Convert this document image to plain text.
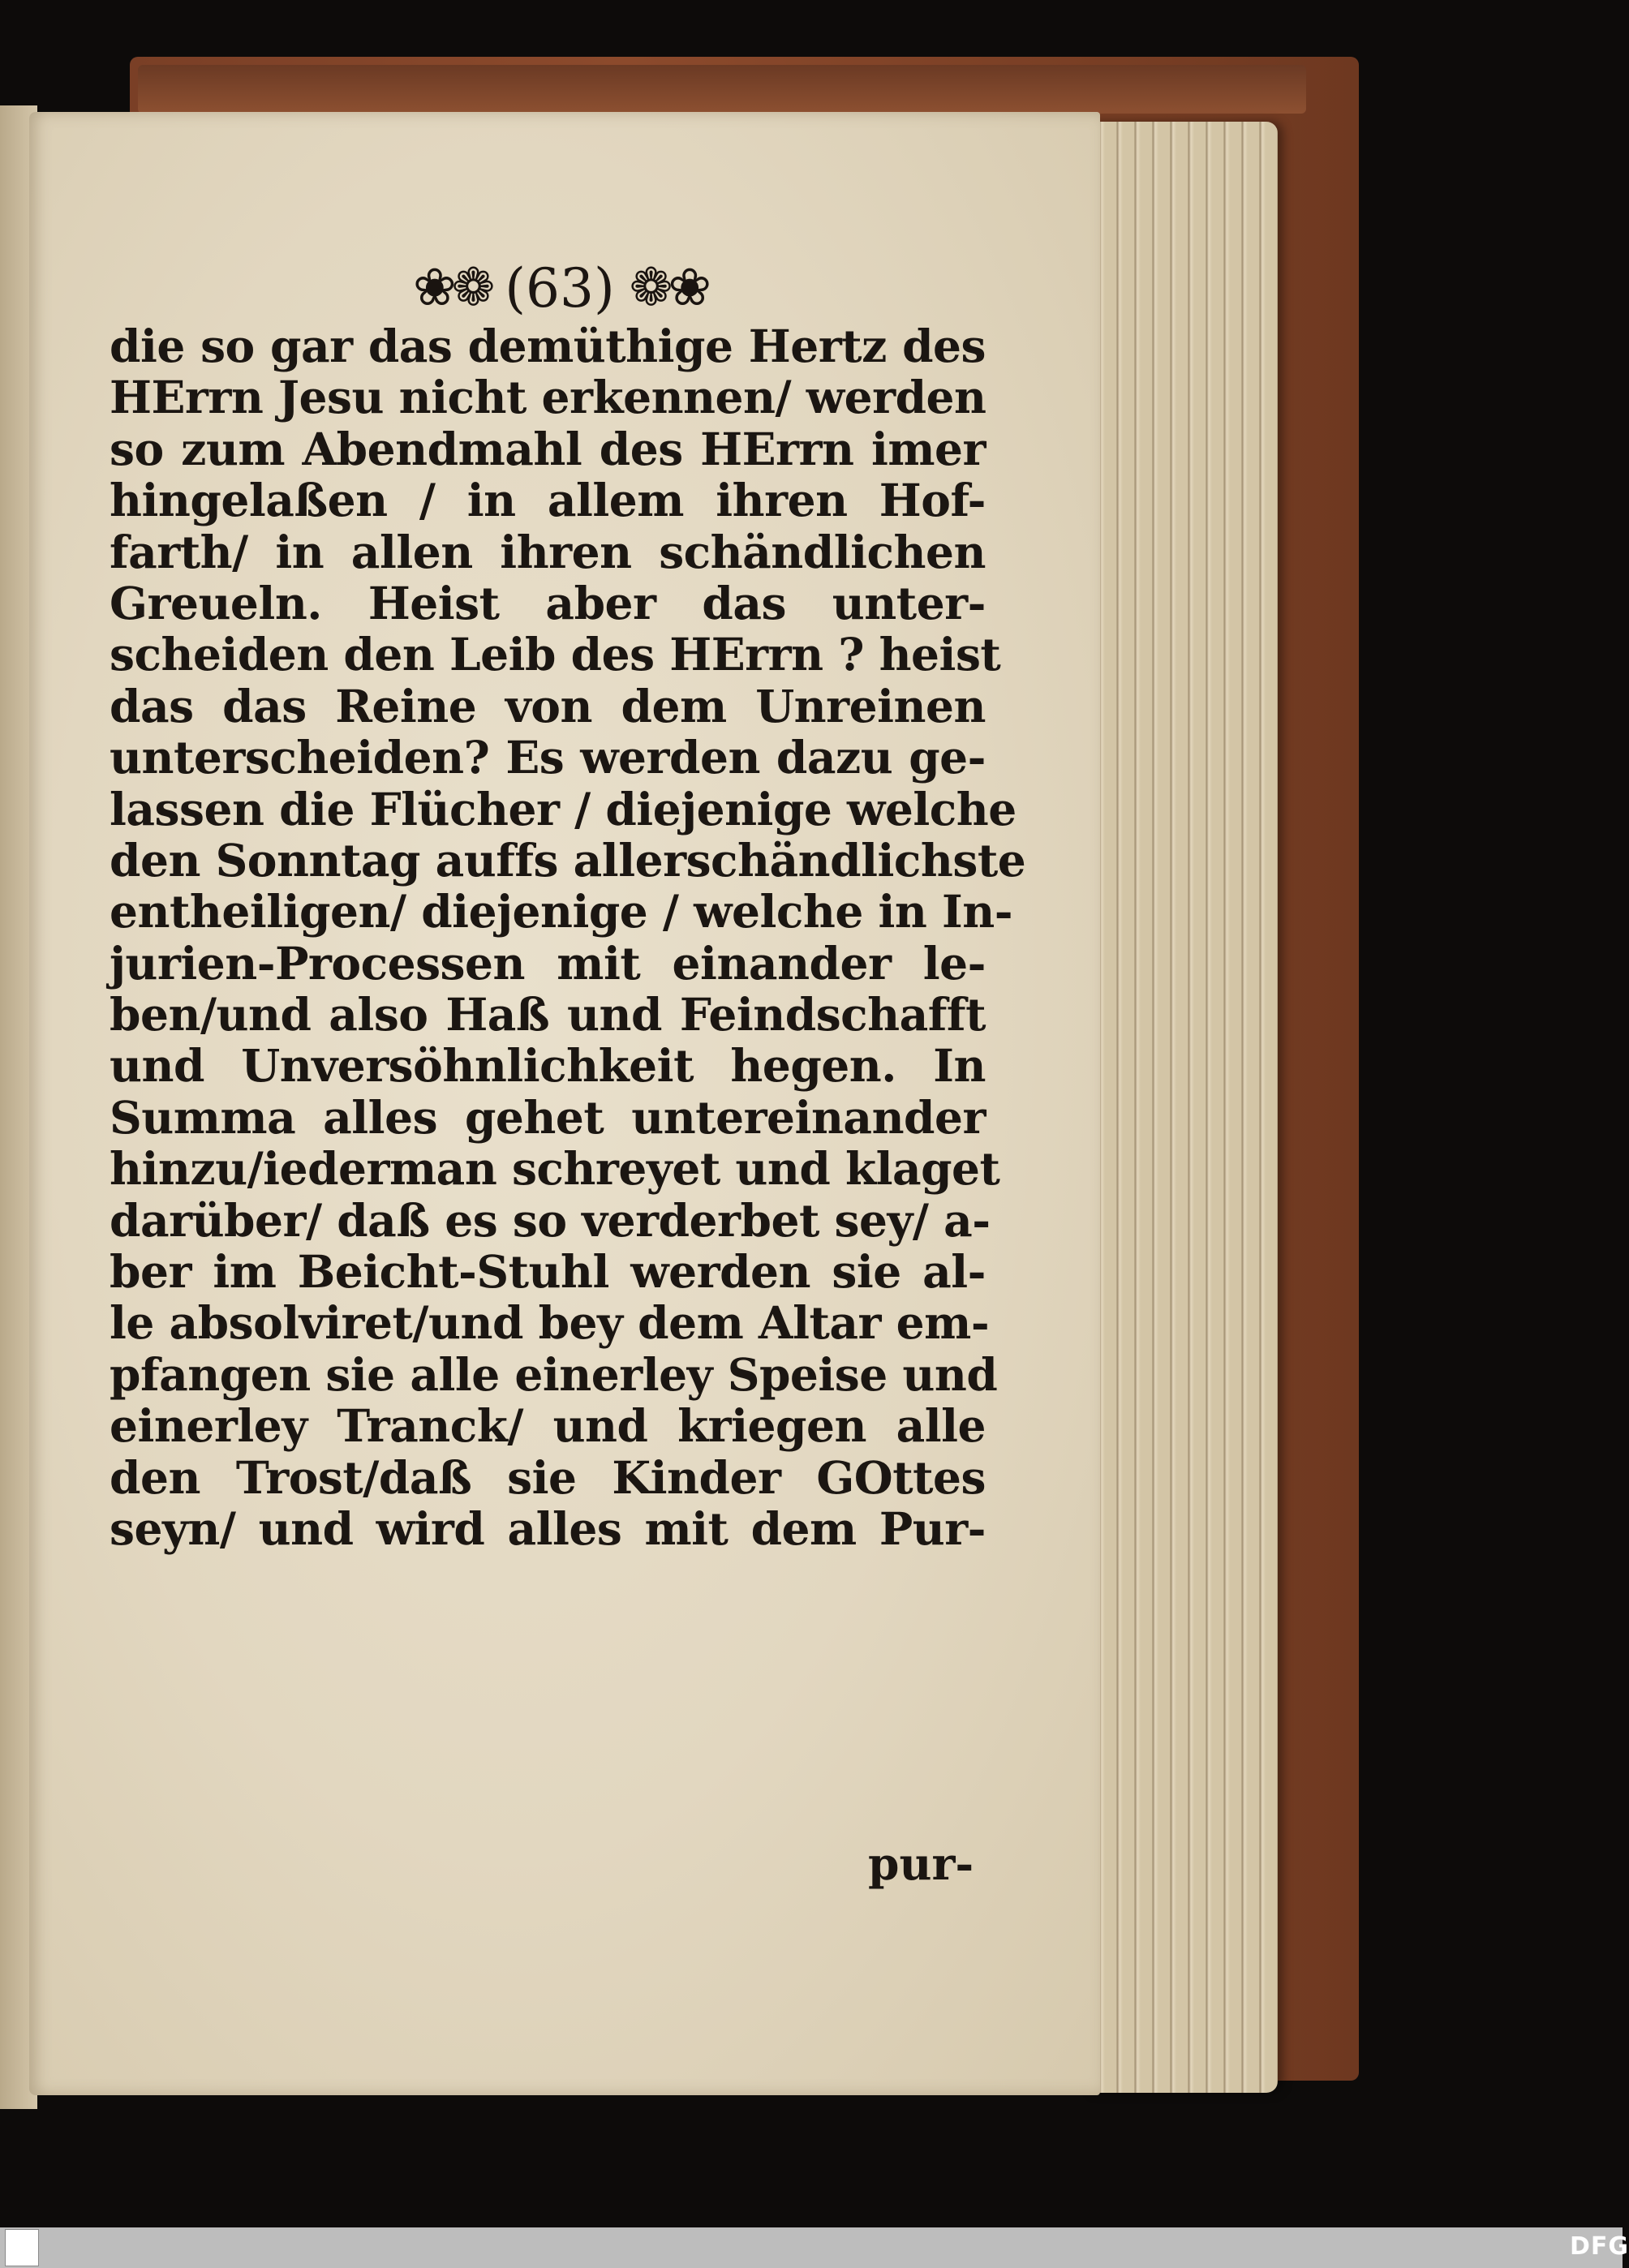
❀❁ (63) ❁❀
die so gar das demüthige Hertz des
HErrn Jesu nicht erkennen/ werden
so zum Abendmahl des HErrn imer
hingelaßen / in allem ihren Hof-
farth/ in allen ihren schändlichen
Greueln. Heist aber das unter-
scheiden den Leib des HErrn ? heist
das das Reine von dem Unreinen
unterscheiden? Es werden dazu ge-
lassen die Flücher / diejenige welche
den Sonntag auffs allerschändlichste
entheiligen/ diejenige / welche in In-
jurien-Processen mit einander le-
ben/und also Haß und Feindschafft
und Unversöhnlichkeit hegen. In
Summa alles gehet untereinander
hinzu/iederman schreyet und klaget
darüber/ daß es so verderbet sey/ a-
ber im Beicht-Stuhl werden sie al-
le absolviret/und bey dem Altar em-
pfangen sie alle einerley Speise und
einerley Tranck/ und kriegen alle
den Trost/daß sie Kinder GOttes
seyn/ und wird alles mit dem Pur-
pur-
DFG
